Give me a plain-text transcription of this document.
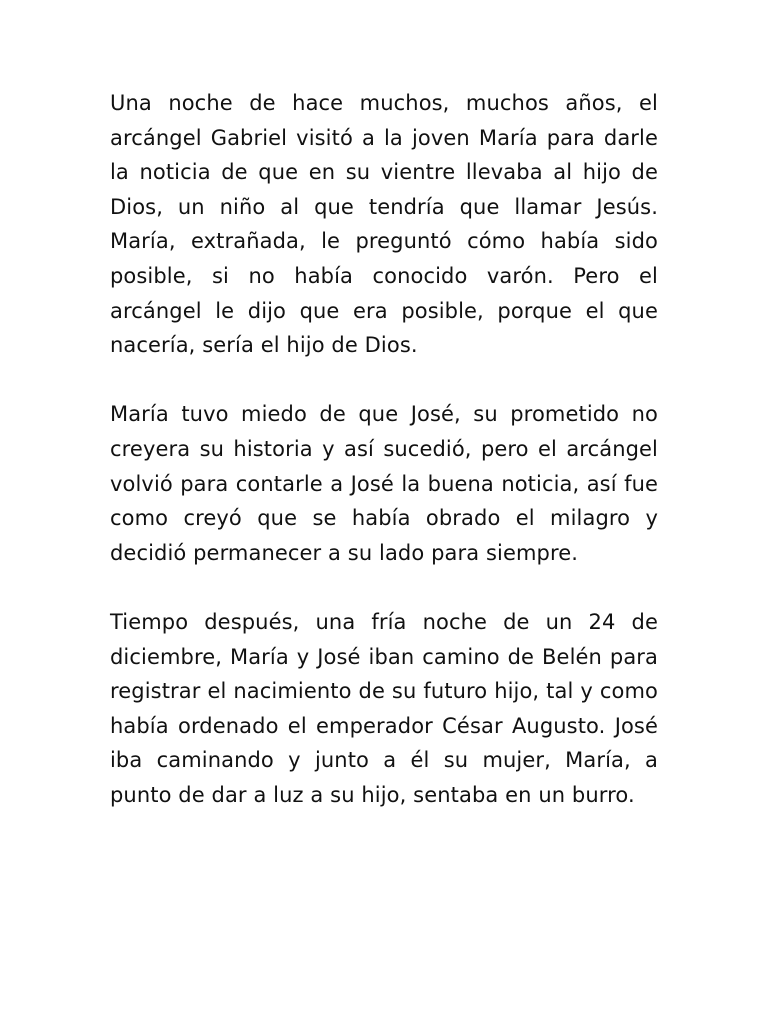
Una noche de hace muchos, muchos años, el arcángel Gabriel visitó a la joven María para darle la noticia de que en su vientre llevaba al hijo de Dios, un niño al que tendría que llamar Jesús. María, extrañada, le preguntó cómo había sido posible, si no había conocido varón. Pero el arcángel le dijo que era posible, porque el que nacería, sería el hijo de Dios.

María tuvo miedo de que José, su prometido no creyera su historia y así sucedió, pero el arcángel volvió para contarle a José la buena noticia, así fue como creyó que se había obrado el milagro y decidió permanecer a su lado para siempre.

Tiempo después, una fría noche de un 24 de diciembre, María y José iban camino de Belén para registrar el nacimiento de su futuro hijo, tal y como había ordenado el emperador César Augusto. José iba caminando y junto a él su mujer, María, a punto de dar a luz a su hijo, sentaba en un burro.
